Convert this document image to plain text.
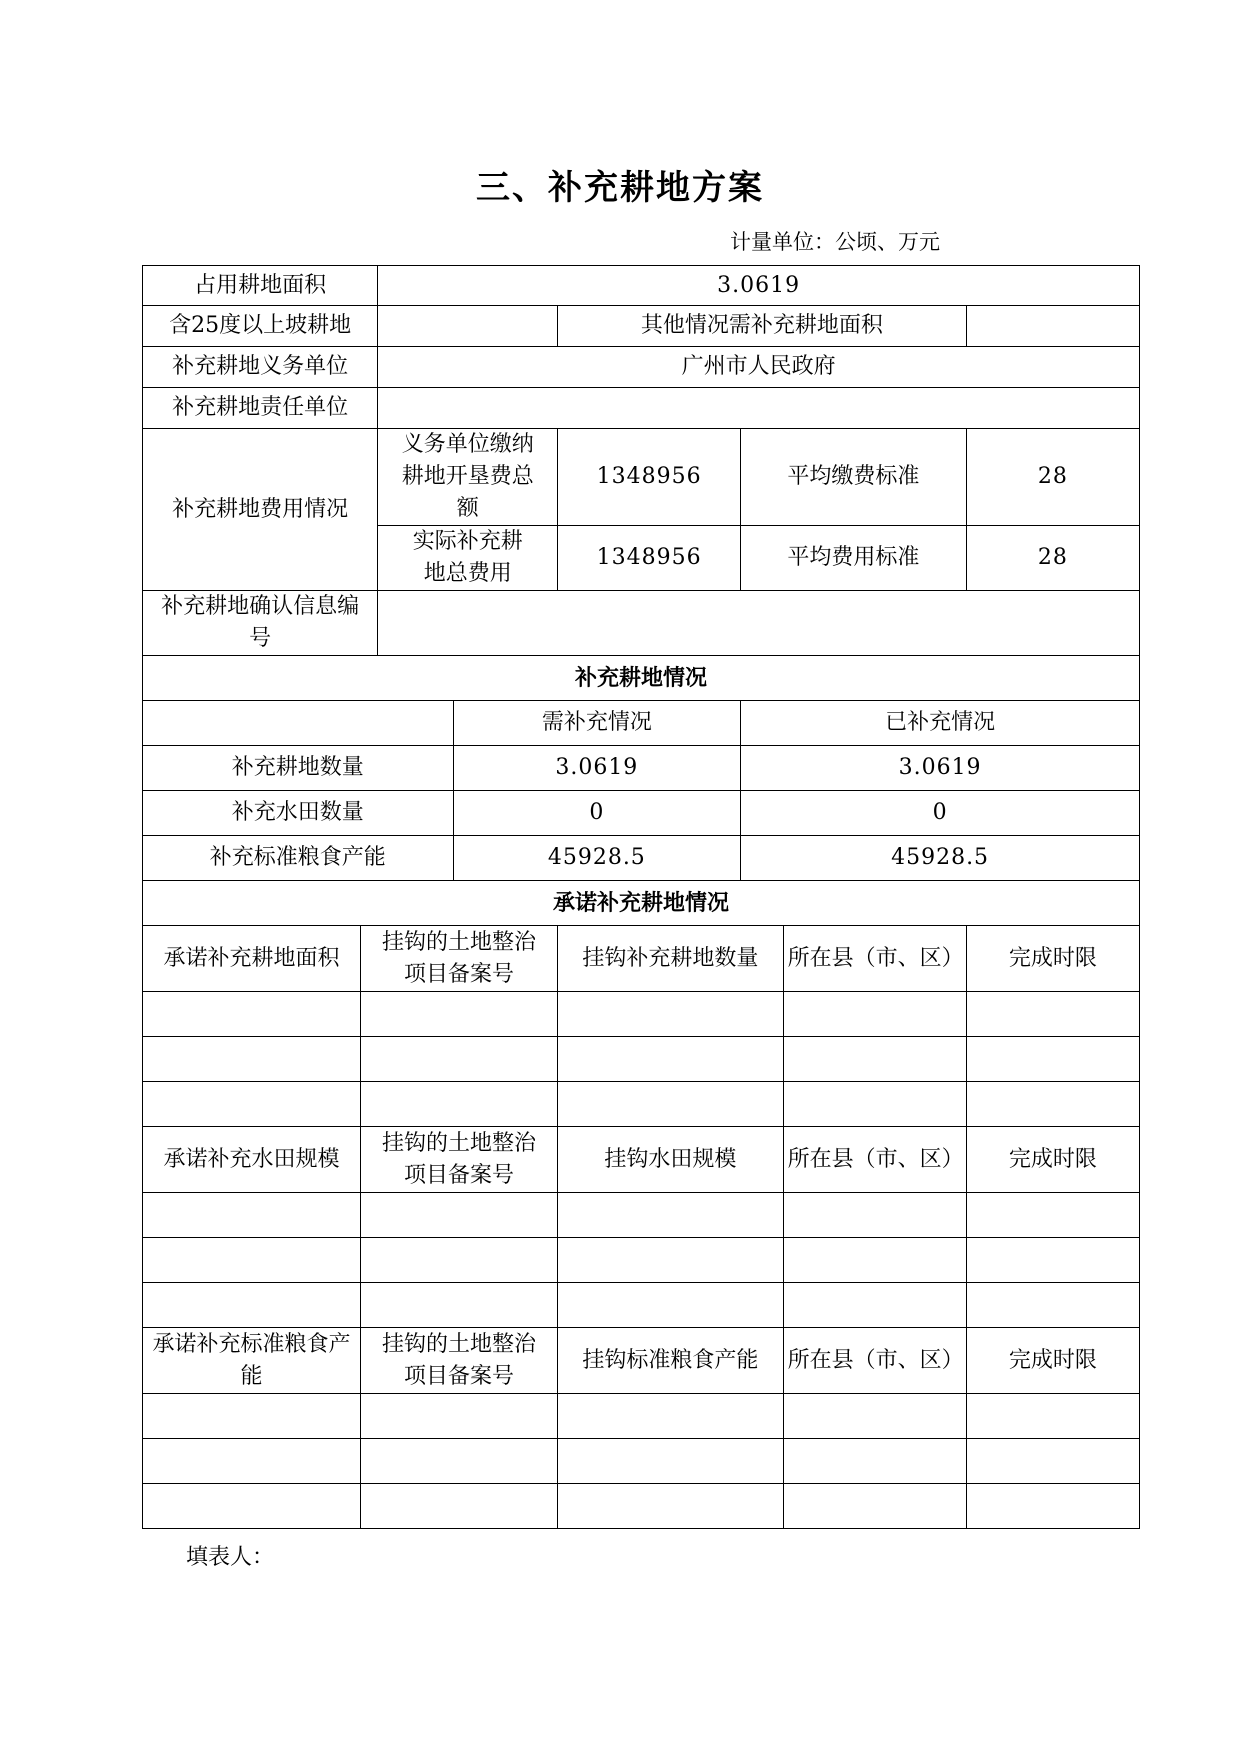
三、补充耕地方案
计量单位：公顷、万元
占用耕地面积		3.0619					
含25度以上坡耕地				其他情况需补充耕地面积			
补充耕地义务单位		广州市人民政府					
补充耕地责任单位							
补充耕地费用情况		义务单位缴纳耕地开垦费总额		1348956	平均缴费标准		28
		实际补充耕地总费用		1348956	平均费用标准		28
补充耕地确认信息编号							
补充耕地情况							
			需补充情况		已补充情况		
补充耕地数量			3.0619		3.0619		
补充水田数量			0		0		
补充标准粮食产能			45928.5		45928.5		
承诺补充耕地情况							
承诺补充耕地面积	挂钩的土地整治项目备案号			挂钩补充耕地数量		所在县（市、区）	完成时限

承诺补充水田规模	挂钩的土地整治项目备案号			挂钩水田规模		所在县（市、区）	完成时限

承诺补充标准粮食产能	挂钩的土地整治项目备案号			挂钩标准粮食产能		所在县（市、区）	完成时限

填表人：
